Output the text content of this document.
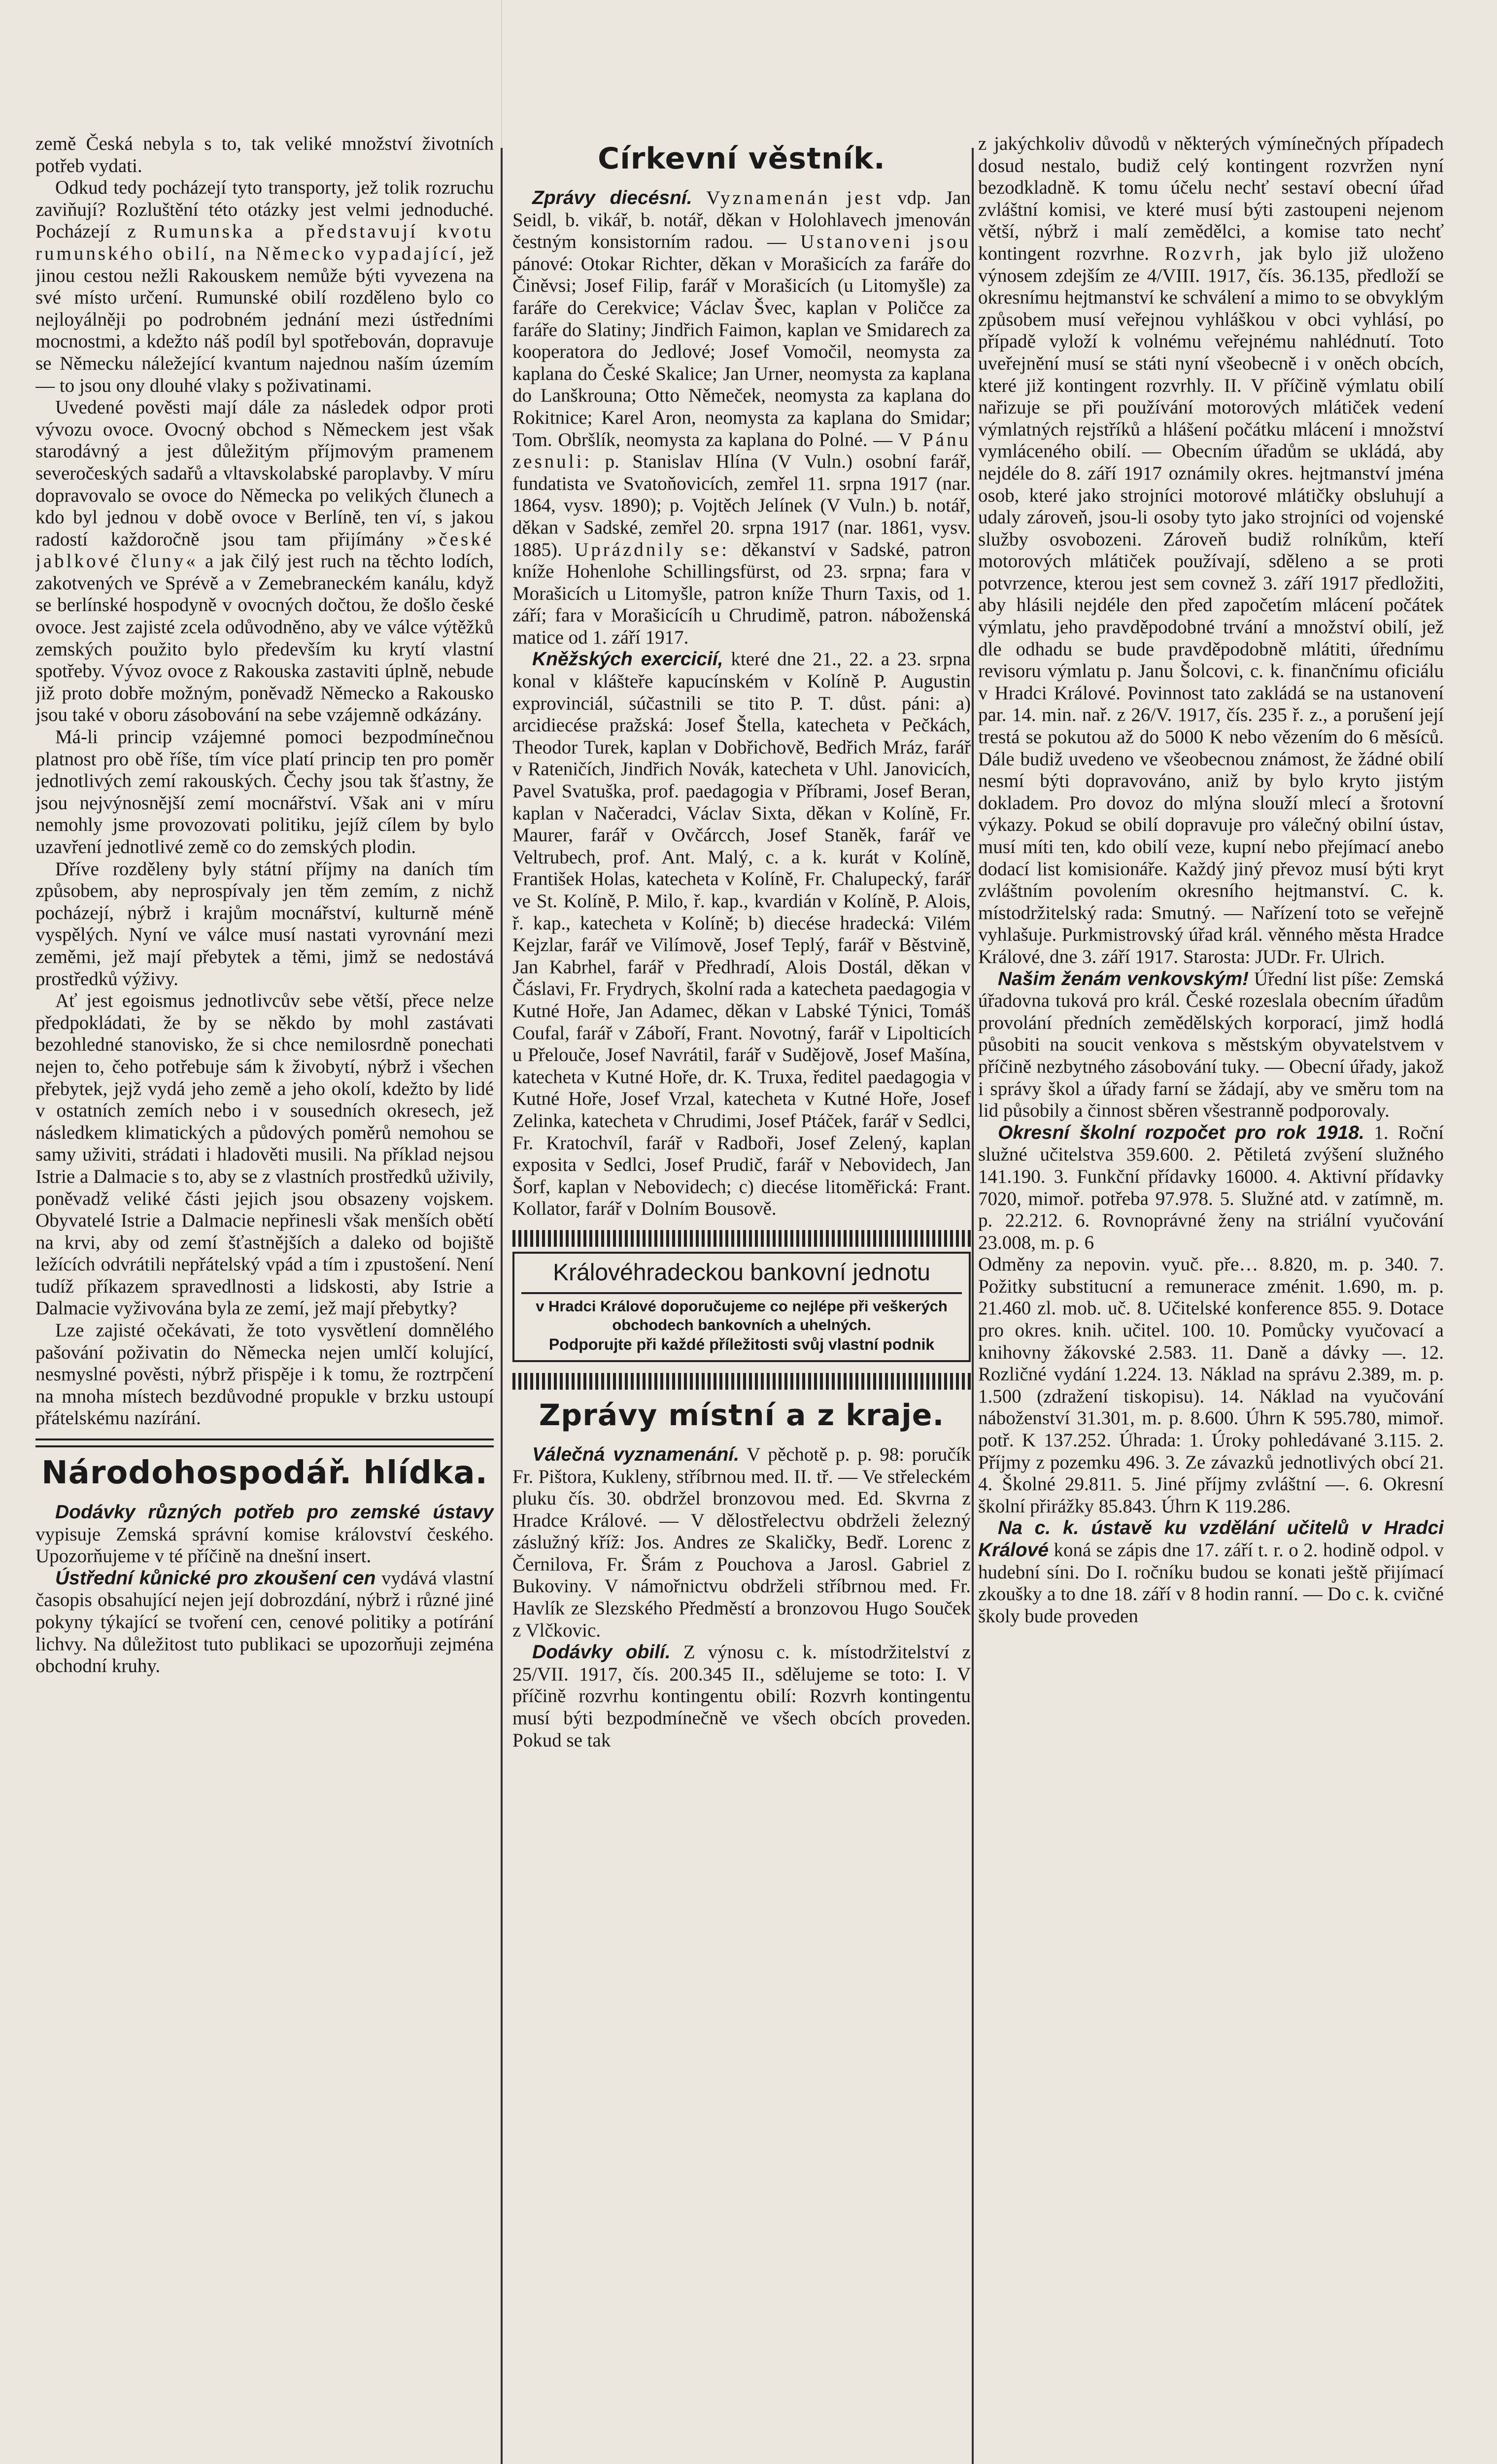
země Česká nebyla s to, tak veliké množství životních potřeb vydati.

Odkud tedy pocházejí tyto transporty, jež tolik rozruchu zaviňují? Rozluštění této otázky jest velmi jednoduché. Pocházejí z Rumunska a představují kvotu rumunského obilí, na Německo vypadající, jež jinou cestou nežli Rakouskem nemůže býti vyvezena na své místo určení. Rumunské obilí rozděleno bylo co nejloyálněji po podrobném jednání mezi ústředními mocnostmi, a kdežto náš podíl byl spotřebován, dopravuje se Německu náležející kvantum najednou naším územím — to jsou ony dlouhé vlaky s poživatinami.

Uvedené pověsti mají dále za následek odpor proti vývozu ovoce. Ovocný obchod s Německem jest však starodávný a jest důležitým příjmovým pramenem severočeských sadařů a vltavskolabské paroplavby. V míru dopravovalo se ovoce do Německa po velikých člunech a kdo byl jednou v době ovoce v Berlíně, ten ví, s jakou radostí každoročně jsou tam přijímány »české jablkové čluny« a jak čilý jest ruch na těchto lodích, zakotvených ve Sprévě a v Zemebraneckém kanálu, když se berlínské hospodyně v ovocných dočtou, že došlo české ovoce. Jest zajisté zcela odůvodněno, aby ve válce výtěžků zemských použito bylo především ku krytí vlastní spotřeby. Vývoz ovoce z Rakouska zastaviti úplně, nebude již proto dobře možným, poněvadž Německo a Rakousko jsou také v oboru zásobování na sebe vzájemně odkázány.

Má-li princip vzájemné pomoci bezpodmínečnou platnost pro obě říše, tím více platí princip ten pro poměr jednotlivých zemí rakouských. Čechy jsou tak šťastny, že jsou nejvýnosnější zemí mocnářství. Však ani v míru nemohly jsme provozovati politiku, jejíž cílem by bylo uzavření jednotlivé země co do zemských plodin.

Dříve rozděleny byly státní příjmy na daních tím způsobem, aby neprospívaly jen těm zemím, z nichž pocházejí, nýbrž i krajům mocnářství, kulturně méně vyspělých. Nyní ve válce musí nastati vyrovnání mezi zeměmi, jež mají přebytek a těmi, jimž se nedostává prostředků výživy.

Ať jest egoismus jednotlivcův sebe větší, přece nelze předpokládati, že by se někdo by mohl zastávati bezohledné stanovisko, že si chce nemilosrdně ponechati nejen to, čeho potřebuje sám k živobytí, nýbrž i všechen přebytek, jejž vydá jeho země a jeho okolí, kdežto by lidé v ostatních zemích nebo i v sousedních okresech, jež následkem klimatických a půdových poměrů nemohou se samy uživiti, strádati i hladověti musili. Na příklad nejsou Istrie a Dalmacie s to, aby se z vlastních prostředků uživily, poněvadž veliké části jejich jsou obsazeny vojskem. Obyvatelé Istrie a Dalmacie nepřinesli však menších obětí na krvi, aby od zemí šťastnějších a daleko od bojiště ležících odvrátili nepřátelský vpád a tím i zpustošení. Není tudíž příkazem spravedlnosti a lidskosti, aby Istrie a Dalmacie vyživována byla ze zemí, jež mají přebytky?

Lze zajisté očekávati, že toto vysvětlení domnělého pašování poživatin do Německa nejen umlčí kolující, nesmyslné pověsti, nýbrž přispěje i k tomu, že roztrpčení na mnoha místech bezdůvodné propukle v brzku ustoupí přátelskému nazírání.

Národohospodář. hlídka.

Dodávky různých potřeb pro zemské ústavy vypisuje Zemská správní komise království českého. Upozorňujeme v té příčině na dnešní insert.

Ústřední kůnické pro zkoušení cen vydává vlastní časopis obsahující nejen její dobrozdání, nýbrž i různé jiné pokyny týkající se tvoření cen, cenové politiky a potírání lichvy. Na důležitost tuto publikaci se upozorňuji zejména obchodní kruhy.

Církevní věstník.

Zprávy diecésní. Vyznamenán jest vdp. Jan Seidl, b. vikář, b. notář, děkan v Holohlavech jmenován čestným konsistorním radou. — Ustanoveni jsou pánové: Otokar Richter, děkan v Morašicích za faráře do Činěvsi; Josef Filip, farář v Morašicích (u Litomyšle) za faráře do Cerekvice; Václav Švec, kaplan v Poličce za faráře do Slatiny; Jindřich Faimon, kaplan ve Smidarech za kooperatora do Jedlové; Josef Vomočil, neomysta za kaplana do České Skalice; Jan Urner, neomysta za kaplana do Lanškrouna; Otto Němeček, neomysta za kaplana do Rokitnice; Karel Aron, neomysta za kaplana do Smidar; Tom. Obršlík, neomysta za kaplana do Polné. — V Pánu zesnuli: p. Stanislav Hlína (V Vuln.) osobní farář, fundatista ve Svatoňovicích, zemřel 11. srpna 1917 (nar. 1864, vysv. 1890); p. Vojtěch Jelínek (V Vuln.) b. notář, děkan v Sadské, zemřel 20. srpna 1917 (nar. 1861, vysv. 1885). Uprázdnily se: děkanství v Sadské, patron kníže Hohenlohe Schillingsfürst, od 23. srpna; fara v Morašicích u Litomyšle, patron kníže Thurn Taxis, od 1. září; fara v Morašicícíh u Chrudimě, patron. náboženská matice od 1. září 1917.

Kněžských exercicií, které dne 21., 22. a 23. srpna konal v klášteře kapucínském v Kolíně P. Augustin exprovinciál, súčastnili se tito P. T. důst. páni: a) arcidiecése pražská: Josef Štella, katecheta v Pečkách, Theodor Turek, kaplan v Dobřichově, Bedřich Mráz, farář v Rateničích, Jindřich Novák, katecheta v Uhl. Janovicích, Pavel Svatuška, prof. paedagogia v Příbrami, Josef Beran, kaplan v Načeradci, Václav Sixta, děkan v Kolíně, Fr. Maurer, farář v Ovčárcch, Josef Staněk, farář ve Veltrubech, prof. Ant. Malý, c. a k. kurát v Kolíně, František Holas, katecheta v Kolíně, Fr. Chalupecký, farář ve St. Kolíně, P. Milo, ř. kap., kvardián v Kolíně, P. Alois, ř. kap., katecheta v Kolíně; b) diecése hradecká: Vilém Kejzlar, farář ve Vilímově, Josef Teplý, farář v Běstvině, Jan Kabrhel, farář v Předhradí, Alois Dostál, děkan v Čáslavi, Fr. Frydrych, školní rada a katecheta paedagogia v Kutné Hoře, Jan Adamec, děkan v Labské Týnici, Tomáš Coufal, farář v Záboří, Frant. Novotný, farář v Lipolticích u Přelouče, Josef Navrátil, farář v Sudějově, Josef Mašína, katecheta v Kutné Hoře, dr. K. Truxa, ředitel paedagogia v Kutné Hoře, Josef Vrzal, katecheta v Kutné Hoře, Josef Zelinka, katecheta v Chrudimi, Josef Ptáček, farář v Sedlci, Fr. Kratochvíl, farář v Radboři, Josef Zelený, kaplan exposita v Sedlci, Josef Prudič, farář v Nebovidech, Jan Šorf, kaplan v Nebovidech; c) diecése litoměřická: Frant. Kollator, farář v Dolním Bousově.

Královéhradeckou bankovní jednotu
v Hradci Králové doporučujeme co nejlépe při veškerých obchodech bankovních a uhelných.
Podporujte při každé příležitosti svůj vlastní podnik
Zprávy místní a z kraje.

Válečná vyznamenání. V pěchotě p. p. 98: poručík Fr. Pištora, Kukleny, stříbrnou med. II. tř. — Ve střeleckém pluku čís. 30. obdržel bronzovou med. Ed. Skvrna z Hradce Králové. — V dělostřelectvu obdrželi železný záslužný kříž: Jos. Andres ze Skaličky, Bedř. Lorenc z Černilova, Fr. Šrám z Pouchova a Jarosl. Gabriel z Bukoviny. V námořnictvu obdrželi stříbrnou med. Fr. Havlík ze Slezského Předměstí a bronzovou Hugo Souček z Vlčkovic.

Dodávky obilí. Z výnosu c. k. místodržitelství z 25/VII. 1917, čís. 200.345 II., sdělujeme se toto: I. V příčině rozvrhu kontingentu obilí: Rozvrh kontingentu musí býti bezpodmínečně ve všech obcích proveden. Pokud se tak

z jakýchkoliv důvodů v některých výmínečných případech dosud nestalo, budiž celý kontingent rozvržen nyní bezodkladně. K tomu účelu nechť sestaví obecní úřad zvláštní komisi, ve které musí býti zastoupeni nejenom větší, nýbrž i malí zemědělci, a komise tato nechť kontingent rozvrhne. Rozvrh, jak bylo již uloženo výnosem zdejším ze 4/VIII. 1917, čís. 36.135, předloží se okresnímu hejtmanství ke schválení a mimo to se obvyklým způsobem musí veřejnou vyhláškou v obci vyhlásí, po případě vyloží k volnému veřejnému nahlédnutí. Toto uveřejnění musí se státi nyní všeobecně i v oněch obcích, které již kontingent rozvrhly. II. V příčině výmlatu obilí nařizuje se při používání motorových mlátiček vedení výmlatných rejstříků a hlášení počátku mlácení i množství vymláceného obilí. — Obecním úřadům se ukládá, aby nejdéle do 8. září 1917 oznámily okres. hejtmanství jména osob, které jako strojníci motorové mlátičky obsluhují a udaly zároveň, jsou-li osoby tyto jako strojníci od vojenské služby osvobozeni. Zároveň budiž rolníkům, kteří motorových mlátiček používají, sděleno a se proti potvrzence, kterou jest sem covnež 3. září 1917 předložiti, aby hlásili nejdéle den před započetím mlácení počátek výmlatu, jeho pravděpodobné trvání a množství obilí, jež dle odhadu se bude pravděpodobně mlátiti, úřednímu revisoru výmlatu p. Janu Šolcovi, c. k. finančnímu oficiálu v Hradci Králové. Povinnost tato zakládá se na ustanovení par. 14. min. nař. z 26/V. 1917, čís. 235 ř. z., a porušení její trestá se pokutou až do 5000 K nebo vězením do 6 měsíců. Dále budiž uvedeno ve všeobecnou známost, že žádné obilí nesmí býti dopravováno, aniž by bylo kryto jistým dokladem. Pro dovoz do mlýna slouží mlecí a šrotovní výkazy. Pokud se obilí dopravuje pro válečný obilní ústav, musí míti ten, kdo obilí veze, kupní nebo přejímací anebo dodací list komisionáře. Každý jiný převoz musí býti kryt zvláštním povolením okresního hejtmanství. C. k. místodržitelský rada: Smutný. — Nařízení toto se veřejně vyhlašuje. Purkmistrovský úřad král. věnného města Hradce Králové, dne 3. září 1917. Starosta: JUDr. Fr. Ulrich.

Našim ženám venkovským! Úřední list píše: Zemská úřadovna tuková pro král. České rozeslala obecním úřadům provolání předních zemědělských korporací, jimž hodlá působiti na soucit venkova s městským obyvatelstvem v příčině nezbytného zásobování tuky. — Obecní úřady, jakož i správy škol a úřady farní se žádají, aby ve směru tom na lid působily a činnost sběren všestranně podporovaly.

Okresní školní rozpočet pro rok 1918. 1. Roční služné učitelstva 359.600. 2. Pětiletá zvýšení služného 141.190. 3. Funkční přídavky 16000. 4. Aktivní přídavky 7020, mimoř. potřeba 97.978. 5. Služné atd. v zatímně, m. p. 22.212. 6. Rovnoprávné ženy na striální vyučování 23.008, m. p. 6

Odměny za nepovin. vyuč. pře… 8.820, m. p. 340. 7. Požitky substitucní a remunerace zménit. 1.690, m. p. 21.460 zl. mob. uč. 8. Učitelské konference 855. 9. Dotace pro okres. knih. učitel. 100. 10. Pomůcky vyučovací a knihovny žákovské 2.583. 11. Daně a dávky —. 12. Rozličné vydání 1.224. 13. Náklad na správu 2.389, m. p. 1.500 (zdražení tiskopisu). 14. Náklad na vyučování náboženství 31.301, m. p. 8.600. Úhrn K 595.780, mimoř. potř. K 137.252. Úhrada: 1. Úroky pohledávané 3.115. 2. Příjmy z pozemku 496. 3. Ze závazků jednotlivých obcí 21. 4. Školné 29.811. 5. Jiné příjmy zvláštní —. 6. Okresní školní přirážky 85.843. Úhrn K 119.286.

Na c. k. ústavě ku vzdělání učitelů v Hradci Králové koná se zápis dne 17. září t. r. o 2. hodině odpol. v hudební síni. Do I. ročníku budou se konati ještě přijímací zkoušky a to dne 18. září v 8 hodin ranní. — Do c. k. cvičné školy bude proveden
